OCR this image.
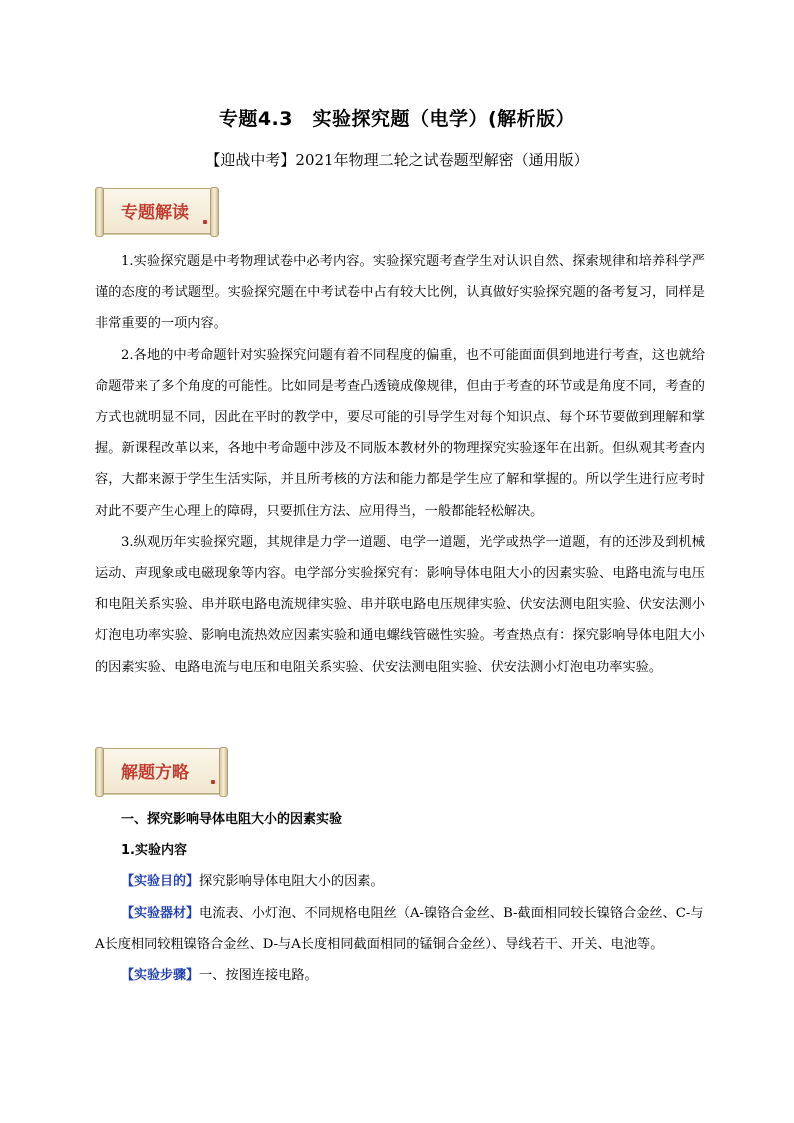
专题4.3　实验探究题（电学）(解析版）
【迎战中考】2021年物理二轮之试卷题型解密（通用版）
专题解读

1.实验探究题是中考物理试卷中必考内容。实验探究题考查学生对认识自然、探索规律和培养科学严谨的态度的考试题型。实验探究题在中考试卷中占有较大比例，认真做好实验探究题的备考复习，同样是非常重要的一项内容。

2.各地的中考命题针对实验探究问题有着不同程度的偏重，也不可能面面俱到地进行考查，这也就给命题带来了多个角度的可能性。比如同是考查凸透镜成像规律，但由于考查的环节或是角度不同，考查的方式也就明显不同，因此在平时的教学中，要尽可能的引导学生对每个知识点、每个环节要做到理解和掌握。新课程改革以来，各地中考命题中涉及不同版本教材外的物理探究实验逐年在出新。但纵观其考查内容，大都来源于学生生活实际，并且所考核的方法和能力都是学生应了解和掌握的。所以学生进行应考时对此不要产生心理上的障碍，只要抓住方法、应用得当，一般都能轻松解决。

3.纵观历年实验探究题，其规律是力学一道题、电学一道题，光学或热学一道题，有的还涉及到机械运动、声现象或电磁现象等内容。电学部分实验探究有：影响导体电阻大小的因素实验、电路电流与电压和电阻关系实验、串并联电路电流规律实验、串并联电路电压规律实验、伏安法测电阻实验、伏安法测小灯泡电功率实验、影响电流热效应因素实验和通电螺线管磁性实验。考查热点有：探究影响导体电阻大小的因素实验、电路电流与电压和电阻关系实验、伏安法测电阻实验、伏安法测小灯泡电功率实验。

解题方略

一、探究影响导体电阻大小的因素实验

1.实验内容

【实验目的】探究影响导体电阻大小的因素。

【实验器材】电流表、小灯泡、不同规格电阻丝（A-镍铬合金丝、B-截面相同较长镍铬合金丝、C-与A长度相同较粗镍铬合金丝、D-与A长度相同截面相同的锰铜合金丝）、导线若干、开关、电池等。

【实验步骤】一、按图连接电路。
